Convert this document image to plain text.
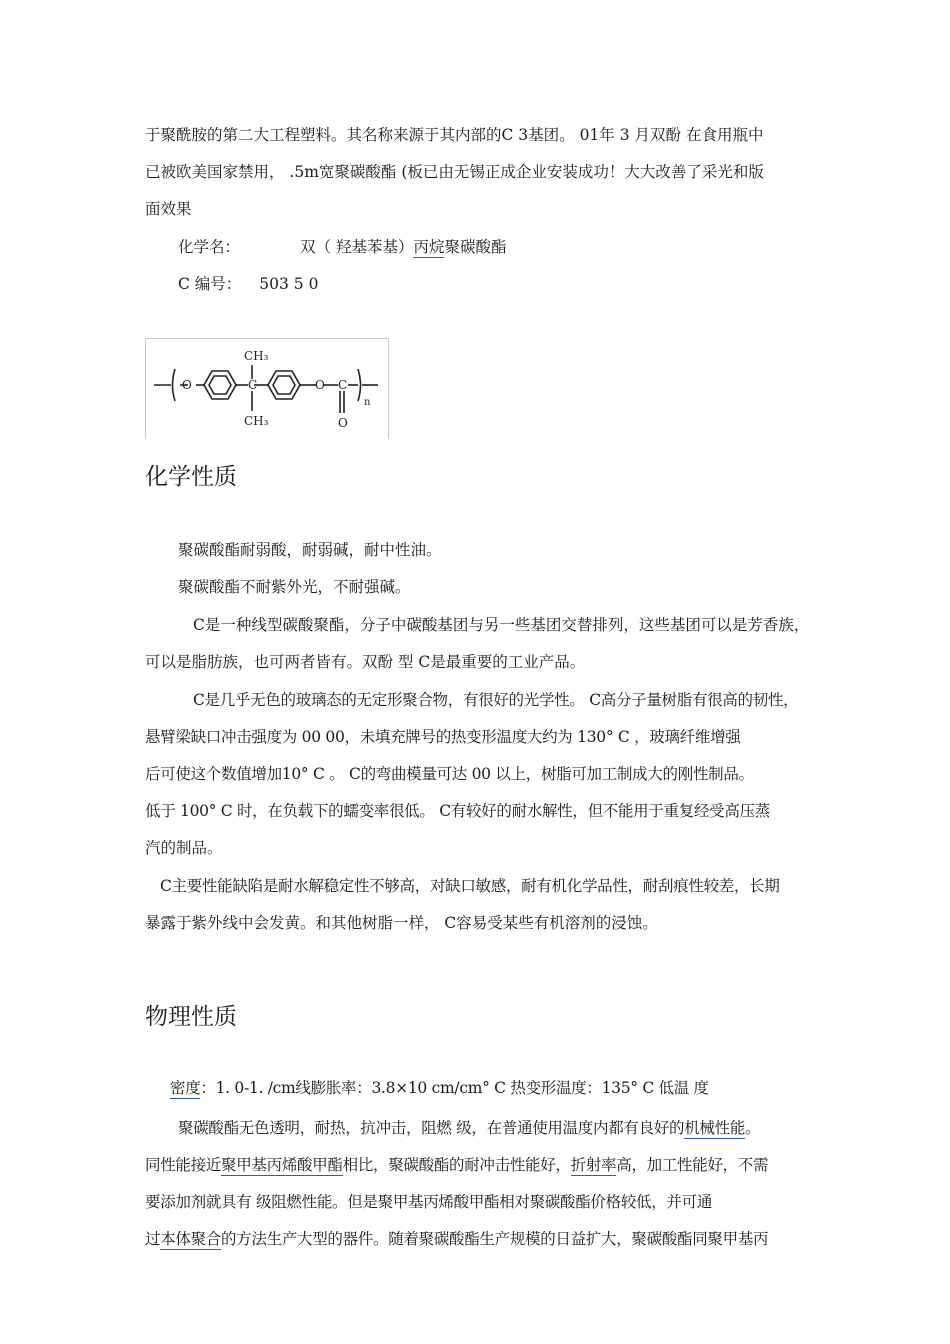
于聚酰胺的第二大工程塑料。其名称来源于其内部的C 3基团。 01年 3 月双酚 在食用瓶中
已被欧美国家禁用， .5m宽聚碳酸酯 (板已由无锡正成企业安装成功！大大改善了采光和版
面效果
化学名：	双（ 羟基苯基）丙烷聚碳酸酯
C 编号： 503 5 0
O	C
CH₃
CH₃
O C
O
n
化学性质
聚碳酸酯耐弱酸，耐弱碱，耐中性油。
聚碳酸酯不耐紫外光，不耐强碱。
C是一种线型碳酸聚酯，分子中碳酸基团与另一些基团交替排列，这些基团可以是芳香族，
可以是脂肪族，也可两者皆有。双酚 型 C是最重要的工业产品。
C是几乎无色的玻璃态的无定形聚合物，有很好的光学性。 C高分子量树脂有很高的韧性，
悬臂梁缺口冲击强度为 00 00，未填充牌号的热变形温度大约为 130° C ，玻璃纤维增强
后可使这个数值增加10° C 。 C的弯曲模量可达 00 以上，树脂可加工制成大的刚性制品。
低于 100° C 时，在负载下的蠕变率很低。 C有较好的耐水解性，但不能用于重复经受高压蒸
汽的制品。
C主要性能缺陷是耐水解稳定性不够高，对缺口敏感，耐有机化学品性，耐刮痕性较差，长期
暴露于紫外线中会发黄。和其他树脂一样， C容易受某些有机溶剂的浸蚀。
物理性质
密度：1. 0-1. /cm线膨胀率：3.8×10 cm/cm° C 热变形温度：135° C 低温 度
聚碳酸酯无色透明，耐热，抗冲击，阻燃 级，在普通使用温度内都有良好的机械性能。
同性能接近聚甲基丙烯酸甲酯相比，聚碳酸酯的耐冲击性能好，折射率高，加工性能好，不需
要添加剂就具有 级阻燃性能。但是聚甲基丙烯酸甲酯相对聚碳酸酯价格较低，并可通
过本体聚合的方法生产大型的器件。随着聚碳酸酯生产规模的日益扩大，聚碳酸酯同聚甲基丙
